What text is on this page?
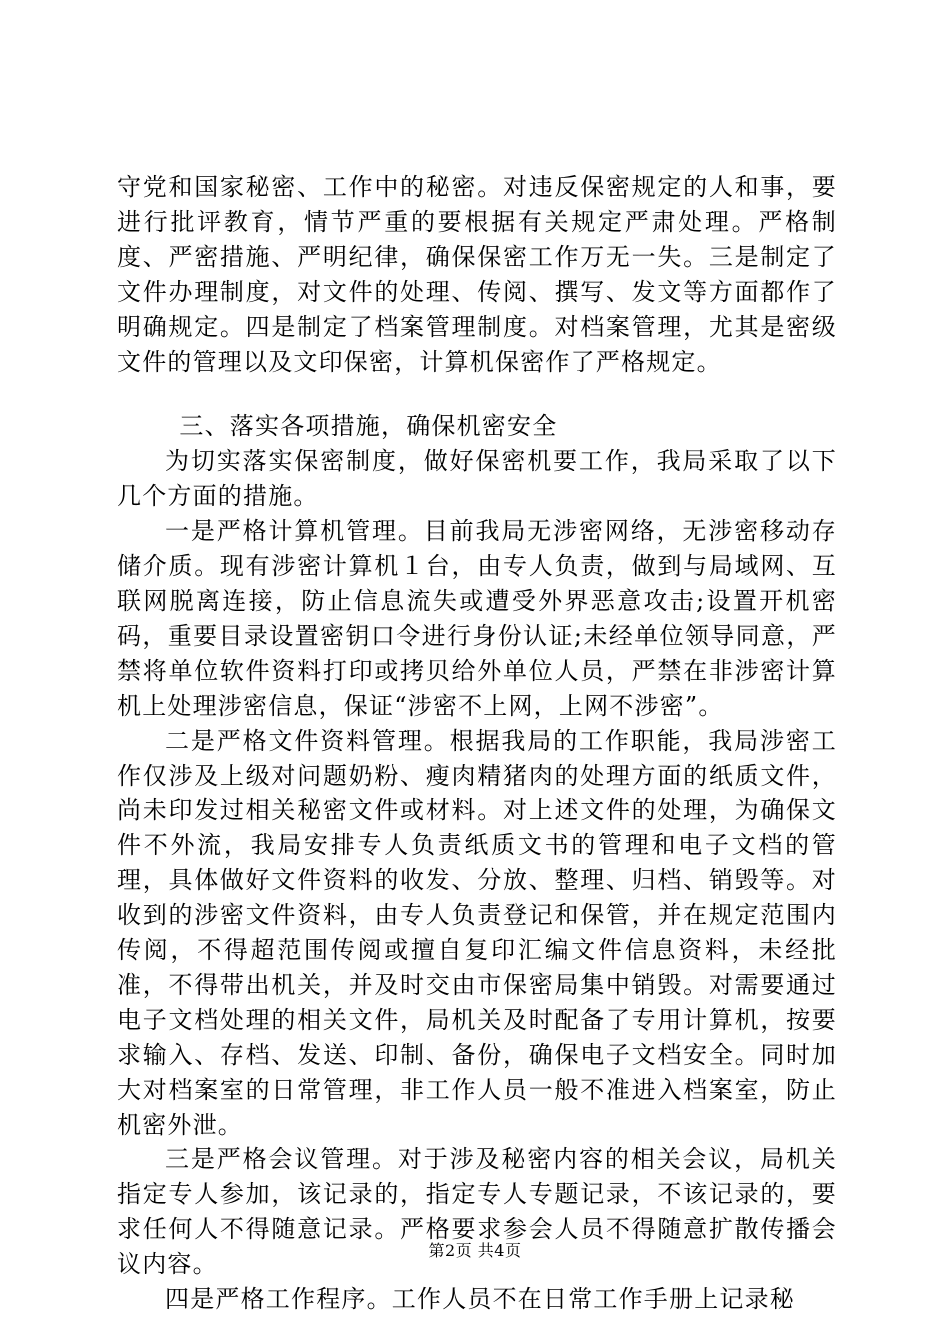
守党和国家秘密、工作中的秘密。对违反保密规定的人和事，要进行批评教育，情节严重的要根据有关规定严肃处理。严格制度、严密措施、严明纪律，确保保密工作万无一失。三是制定了文件办理制度，对文件的处理、传阅、撰写、发文等方面都作了明确规定。四是制定了档案管理制度。对档案管理，尤其是密级文件的管理以及文印保密，计算机保密作了严格规定。

三、落实各项措施，确保机密安全

为切实落实保密制度，做好保密机要工作，我局采取了以下几个方面的措施。

一是严格计算机管理。目前我局无涉密网络，无涉密移动存储介质。现有涉密计算机１台，由专人负责，做到与局域网、互联网脱离连接，防止信息流失或遭受外界恶意攻击;设置开机密码，重要目录设置密钥口令进行身份认证;未经单位领导同意，严禁将单位软件资料打印或拷贝给外单位人员，严禁在非涉密计算机上处理涉密信息，保证“涉密不上网，上网不涉密”。

二是严格文件资料管理。根据我局的工作职能，我局涉密工作仅涉及上级对问题奶粉、瘦肉精猪肉的处理方面的纸质文件，尚未印发过相关秘密文件或材料。对上述文件的处理，为确保文件不外流，我局安排专人负责纸质文书的管理和电子文档的管理，具体做好文件资料的收发、分放、整理、归档、销毁等。对收到的涉密文件资料，由专人负责登记和保管，并在规定范围内传阅，不得超范围传阅或擅自复印汇编文件信息资料，未经批准，不得带出机关，并及时交由市保密局集中销毁。对需要通过电子文档处理的相关文件，局机关及时配备了专用计算机，按要求输入、存档、发送、印制、备份，确保电子文档安全。同时加大对档案室的日常管理，非工作人员一般不准进入档案室，防止机密外泄。

三是严格会议管理。对于涉及秘密内容的相关会议，局机关指定专人参加，该记录的，指定专人专题记录，不该记录的，要求任何人不得随意记录。严格要求参会人员不得随意扩散传播会议内容。

四是严格工作程序。工作人员不在日常工作手册上记录秘

第2页 共4页
